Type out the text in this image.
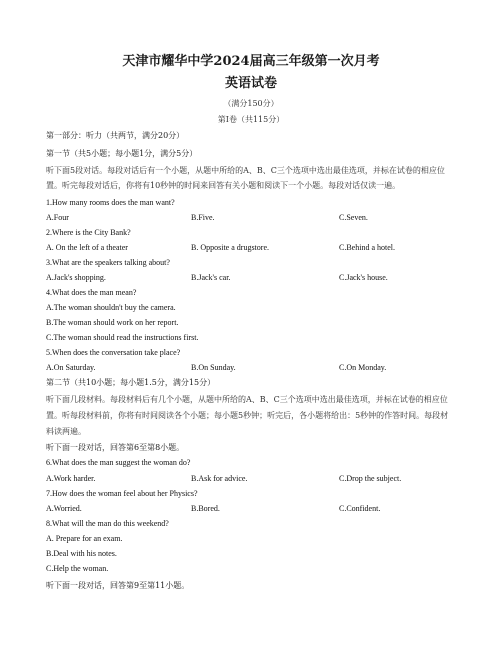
天津市耀华中学2024届高三年级第一次月考
英语试卷
（满分150分）
第Ⅰ卷（共115分）
第一部分：听力（共两节，满分20分）
第一节（共5小题；每小题1分，满分5分）
听下面5段对话。每段对话后有一个小题，从题中所给的A、B、C三个选项中选出最佳选项，并标在试卷的相应位置。听完每段对话后，你将有10秒钟的时间来回答有关小题和阅读下一个小题。每段对话仅读一遍。
1.How many rooms does the man want?
A.Four	B.Five.	C.Seven.
2.Where is the City Bank?
A. On the left of a theater	B. Opposite a drugstore.	C.Behind a hotel.
3.What are the speakers talking about?
A.Jack's shopping.	B.Jack's car.	C.Jack's house.
4.What does the man mean?
A.The woman shouldn't buy the camera.
B.The woman should work on her report.
C.The woman should read the instructions first.
5.When does the conversation take place?
A.On Saturday.	B.On Sunday.	C.On Monday.
第二节（共10小题；每小题1.5分，满分15分）
听下面几段材料。每段材料后有几个小题，从题中所给的A、B、C三个选项中选出最佳选项，并标在试卷的相应位置。听每段材料前，你将有时间阅读各个小题；每小题5秒钟；听完后，各小题将给出：5秒钟的作答时间。每段材料读两遍。
听下面一段对话，回答第6至第8小题。
6.What does the man suggest the woman do?
A.Work harder.	B.Ask for advice.	C.Drop the subject.
7.How does the woman feel about her Physics?
A.Worried.	B.Bored.	C.Confident.
8.What will the man do this weekend?
A. Prepare for an exam.
B.Deal with his notes.
C.Help the woman.
听下面一段对话，回答第9至第11小题。
